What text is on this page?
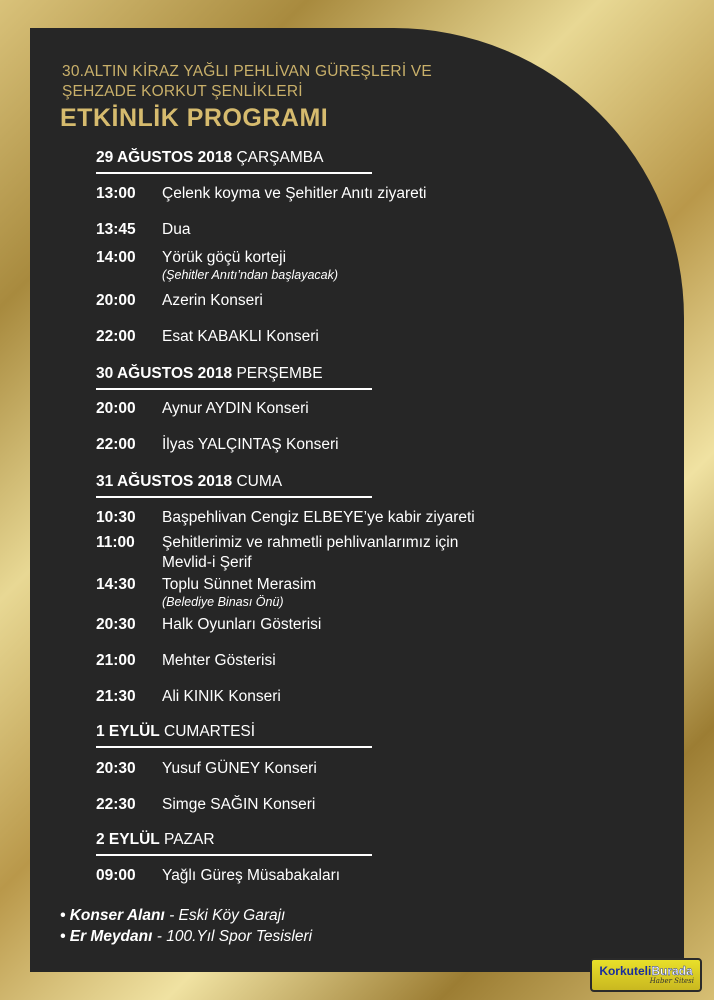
30.ALTIN KİRAZ YAĞLI PEHLİVAN GÜREŞLERİ VE
ŞEHZADE KORKUT ŞENLİKLERİ
ETKİNLİK PROGRAMI
29 AĞUSTOS 2018 ÇARŞAMBA
13:00	Çelenk koyma ve Şehitler Anıtı ziyareti
13:45	Dua
14:00	Yörük göçü korteji
(Şehitler Anıtı’ndan başlayacak)
20:00	Azerin Konseri
22:00	Esat KABAKLI Konseri
30 AĞUSTOS 2018 PERŞEMBE
20:00	Aynur AYDIN Konseri
22:00	İlyas YALÇINTAŞ Konseri
31 AĞUSTOS 2018 CUMA
10:30	Başpehlivan Cengiz ELBEYE’ye kabir ziyareti
11:00	Şehitlerimiz ve rahmetli pehlivanlarımız için
Mevlid-i Şerif
14:30	Toplu Sünnet Merasim
(Belediye Binası Önü)
20:30	Halk Oyunları Gösterisi
21:00	Mehter Gösterisi
21:30	Ali KINIK Konseri
1 EYLÜL CUMARTESİ
20:30	Yusuf GÜNEY Konseri
22:30	Simge SAĞIN Konseri
2 EYLÜL PAZAR
09:00	Yağlı Güreş Müsabakaları
• Konser Alanı - Eski Köy Garajı
• Er Meydanı - 100.Yıl Spor Tesisleri
KorkuteliBurada
Haber Sitesi
